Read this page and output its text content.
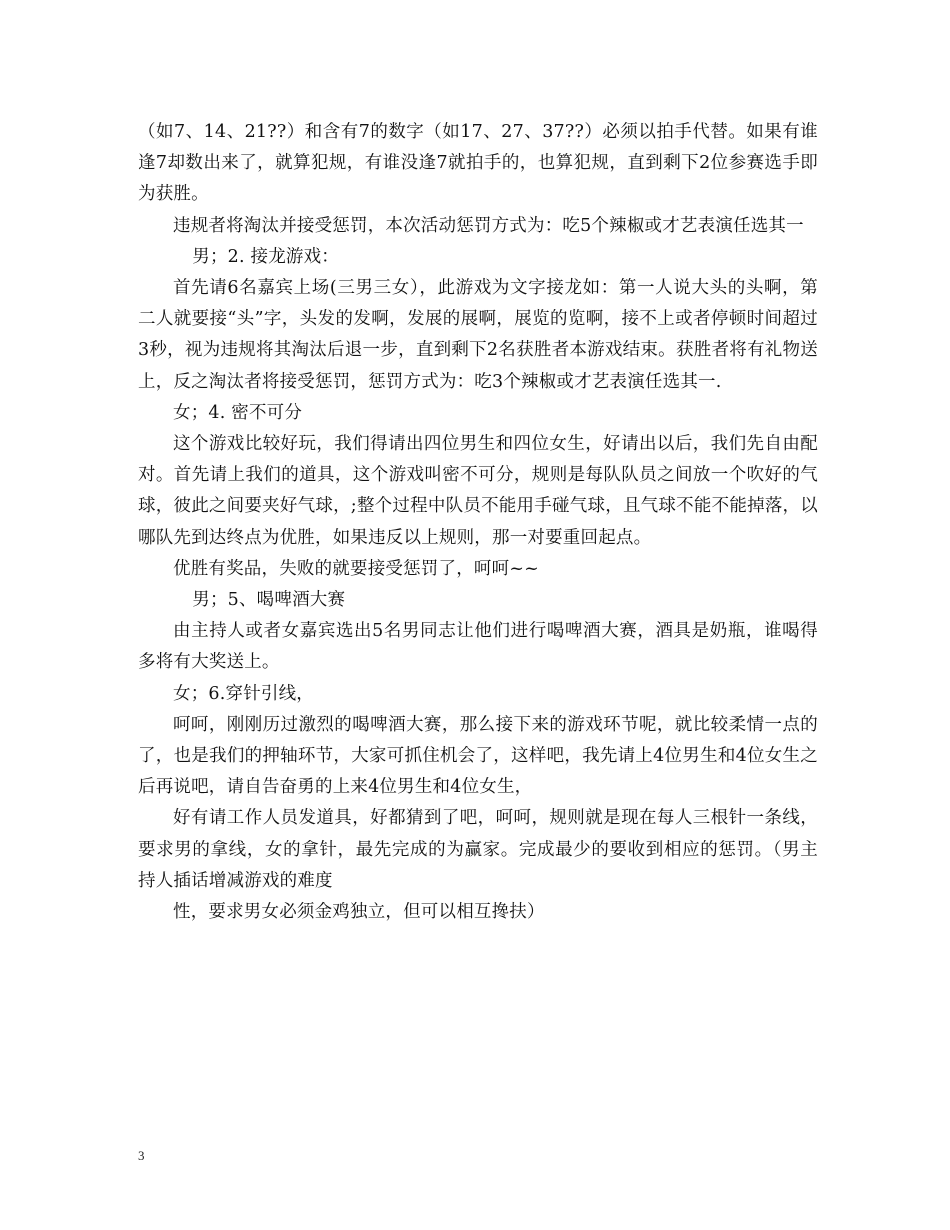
（如7、14、21??）和含有7的数字（如17、27、37??）必须以拍手代替。如果有谁逢7却数出来了，就算犯规，有谁没逢7就拍手的，也算犯规，直到剩下2位参赛选手即为获胜。

违规者将淘汰并接受惩罚，本次活动惩罚方式为：吃5个辣椒或才艺表演任选其一

男；2. 接龙游戏：

首先请6名嘉宾上场(三男三女），此游戏为文字接龙如：第一人说大头的头啊，第二人就要接“头”字，头发的发啊，发展的展啊，展览的览啊，接不上或者停顿时间超过3秒，视为违规将其淘汰后退一步，直到剩下2名获胜者本游戏结束。获胜者将有礼物送上，反之淘汰者将接受惩罚，惩罚方式为：吃3个辣椒或才艺表演任选其一.

女；4. 密不可分

这个游戏比较好玩，我们得请出四位男生和四位女生，好请出以后，我们先自由配对。首先请上我们的道具，这个游戏叫密不可分，规则是每队队员之间放一个吹好的气球，彼此之间要夹好气球，;整个过程中队员不能用手碰气球，且气球不能不能掉落，以哪队先到达终点为优胜，如果违反以上规则，那一对要重回起点。

优胜有奖品，失败的就要接受惩罚了，呵呵~~

男；5、喝啤酒大赛

由主持人或者女嘉宾选出5名男同志让他们进行喝啤酒大赛，酒具是奶瓶，谁喝得多将有大奖送上。

女；6.穿针引线，

呵呵，刚刚历过激烈的喝啤酒大赛，那么接下来的游戏环节呢，就比较柔情一点的了，也是我们的押轴环节，大家可抓住机会了，这样吧，我先请上4位男生和4位女生之后再说吧，请自告奋勇的上来4位男生和4位女生，

好有请工作人员发道具，好都猜到了吧，呵呵，规则就是现在每人三根针一条线，要求男的拿线，女的拿针，最先完成的为赢家。完成最少的要收到相应的惩罚。（男主持人插话增减游戏的难度

性，要求男女必须金鸡独立，但可以相互搀扶）

3
